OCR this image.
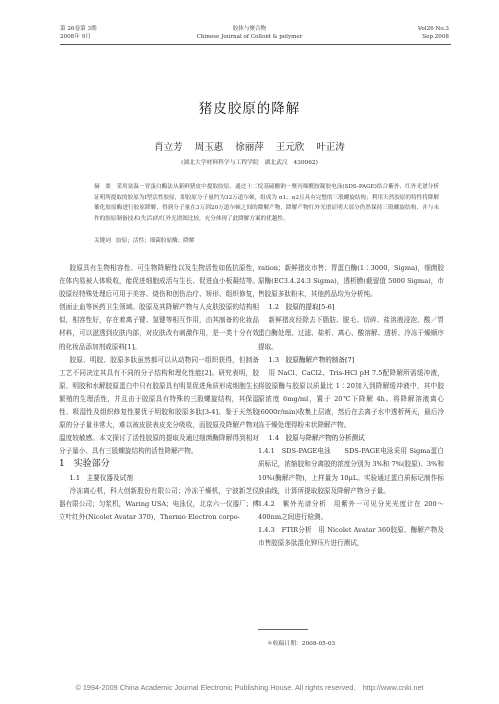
第 26卷第 3期
2008年 9月
胶体与聚合物
Chinese Journal of Colloid & polymer
Vol26 No.3
Sep.2008
猪皮胶原的降解
肖立芳 周玉惠 徐丽萍 王元欣 叶正涛
(湖北大学材料科学与工程学院　湖北武汉　430062)
摘　要 采用氨温－胃蛋白酶法从新鲜猪皮中提取胶原。通过十二烷基硫酸钠－聚丙烯酰胺凝胶电泳(SDS-PAGE)结合紫外、红外光谱分析证明所提取的胶原为Ⅰ型活性胶原，即胶原分子量约为32万道尔顿，组成为 α1、α2且具有完整的三股螺旋结构；利用天然胶原的特性将降解催化胶原酶进行胶原降解，得到分子量在3万到20万道尔顿之间的降解产物，降解产物红外光谱证明大部分仍然保持三股螺旋结构，并与未作的胶原制备技术(失活)的红外光谱图比较，充分体现了此降解方案的优越性。
关键词 胶原；活性；细菌胶原酶；降解

胶原具有生物相容性、可生物降解性以及生物活性如低抗原性，在体内易被人体吸收，能促进细胞成活与生长、促进血小板凝结等。胶原经特殊处理后可用于美容、烧伤和创伤治疗、矫形、组织修复，创面止血等医药卫生领域。胶原及其降解产物与人皮肤胶原的结构相似，相容性好，存在着离子键、氢键等相互作用，由其制备的化妆品材料，可以滋透到皮肤内部，对皮肤改有刺激作用，是一类十分有效的化妆品添加剂或原料[1]。

胶原、明胶、胶原多肽虽然都可以从动物同一组织获得，但制备工艺不同决定其具有不同的分子结构和理化性能[2]。研究表明，胶原、明胶和水解胶原蛋白中只有胶原具有明显促进角质形成细胞生长繁殖的生理活性，并且由于胶原具有特殊的三股螺旋结构，其保湿性、吸湿性及组织修复性要优于明胶和胶原多肽[3-4]。鉴于天然胶原的分子量非常大，难以被皮肤表皮充分吸收，而胶原及降解产物对温度较敏感。本文探讨了活性胶原的提取及通过细菌酶降解得到相对分子量小、具有三股螺旋结构的活性降解产物。

1　实验部分

1.1　主要仪器及试剂

冷冻离心机，科大创新股份有限公司；冷冻干燥机，宁波新芝仪器有限公司；匀浆机，Waring USA；电泳仪，北京六一仪器厂；傅立叶红外(Nicolet Avatar 370)，Thermo Electron corpo-

ration；新鲜猪皮市售；胃蛋白酶(1∶3000，Sigma)，细菌胶原酶(EC3.4.24.3 Sigma)，透析膜(截留值 5000 Sigma)，市售胶原多肽粉末，其他药品均为分析纯。

1.2　胶原的提取[5-6]

新鲜猪皮经除去下脂肪、脱毛、切碎、盐溶液浸泡、酸／胃蛋白酶处理、过滤、盐析、离心、酸溶解、透析、冷冻干燥顺序提取。

1.3　胶原酶解产物的制备[7]

用 NaCl、CaCl2、Tris-HCl pH 7.5配降解所需缓冲液，将胶原酶与胶原以质量比 1∶20加入到降解缓冲液中，其中胶原浓度 6mg/ml，置于 20℃下降解 4h。将降解溶液离心(6000r/min)收集上层液，然后在去离子水中透析两天，最后冷冻干燥处理得粉末状降解产物。

1.4　胶原与降解产物的分析测试

1.4.1　SDS-PAGE电泳　　SDS-PAGE电泳采用 Sigma蛋白质标记，浓缩胶和分离胶的浓度分别为 3%和 7%(胶原)、3%和 10%(酶解产物)，上样量为 10μL。实验通过蛋白质标记制作标准曲线，计算所提取胶原及降解产物分子量。

1.4.2　紫外光谱分析　用紫外一可见分光光度计在 200～400nm之间进行检测。

1.4.3　FTIR分析　用 Nicolet Avatar 360胶原、酶解产物及市售胶原多肽混化钾压片进行测试，

＊收稿日期：2008-05-03
© 1994-2009 China Academic Journal Electronic Publishing House. All rights reserved.　http://www.cnki.net
